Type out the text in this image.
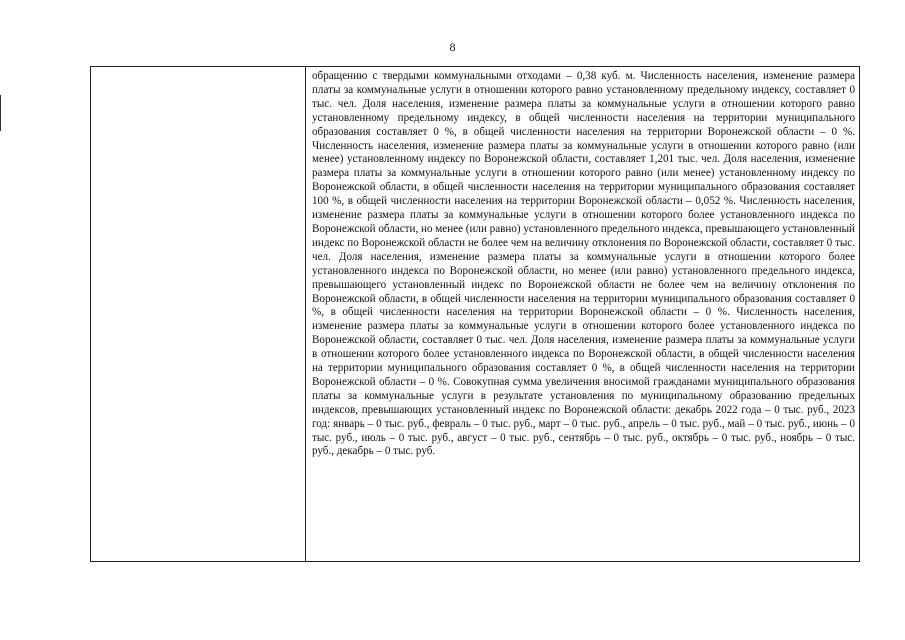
8

обращению с твердыми коммунальными отходами – 0,38 куб. м. Численность населения, изменение размера платы за коммунальные услуги в отношении которого равно установленному предельному индексу, составляет 0 тыс. чел. Доля населения, изменение размера платы за коммунальные услуги в отношении которого равно установленному предельному индексу, в общей численности населения на территории муниципального образования составляет 0 %, в общей численности населения на территории Воронежской области – 0 %. Численность населения, изменение размера платы за коммунальные услуги в отношении которого равно (или менее) установленному индексу по Воронежской области, составляет 1,201 тыс. чел. Доля населения, изменение размера платы за коммунальные услуги в отношении которого равно (или менее) установленному индексу по Воронежской области, в общей численности населения на территории муниципального образования составляет 100 %, в общей численности населения на территории Воронежской области – 0,052 %. Численность населения, изменение размера платы за коммунальные услуги в отношении которого более установленного индекса по Воронежской области, но менее (или равно) установленного предельного индекса, превышающего установленный индекс по Воронежской области не более чем на величину отклонения по Воронежской области, составляет 0 тыс. чел. Доля населения, изменение размера платы за коммунальные услуги в отношении которого более установленного индекса по Воронежской области, но менее (или равно) установленного предельного индекса, превышающего установленный индекс по Воронежской области не более чем на величину отклонения по Воронежской области, в общей численности населения на территории муниципального образования составляет 0 %, в общей численности населения на территории Воронежской области – 0 %. Численность населения, изменение размера платы за коммунальные услуги в отношении которого более установленного индекса по Воронежской области, составляет 0 тыс. чел. Доля населения, изменение размера платы за коммунальные услуги в отношении которого более установленного индекса по Воронежской области, в общей численности населения на территории муниципального образования составляет 0 %, в общей численности населения на территории Воронежской области – 0 %. Совокупная сумма увеличения вносимой гражданами муниципального образования платы за коммунальные услуги в результате установления по муниципальному образованию предельных индексов, превышающих установленный индекс по Воронежской области: декабрь 2022 года – 0 тыс. руб., 2023 год: январь – 0 тыс. руб., февраль – 0 тыс. руб., март – 0 тыс. руб., апрель – 0 тыс. руб., май – 0 тыс. руб., июнь – 0 тыс. руб., июль – 0 тыс. руб., август – 0 тыс. руб., сентябрь – 0 тыс. руб., октябрь – 0 тыс. руб., ноябрь – 0 тыс. руб., декабрь – 0 тыс. руб.
